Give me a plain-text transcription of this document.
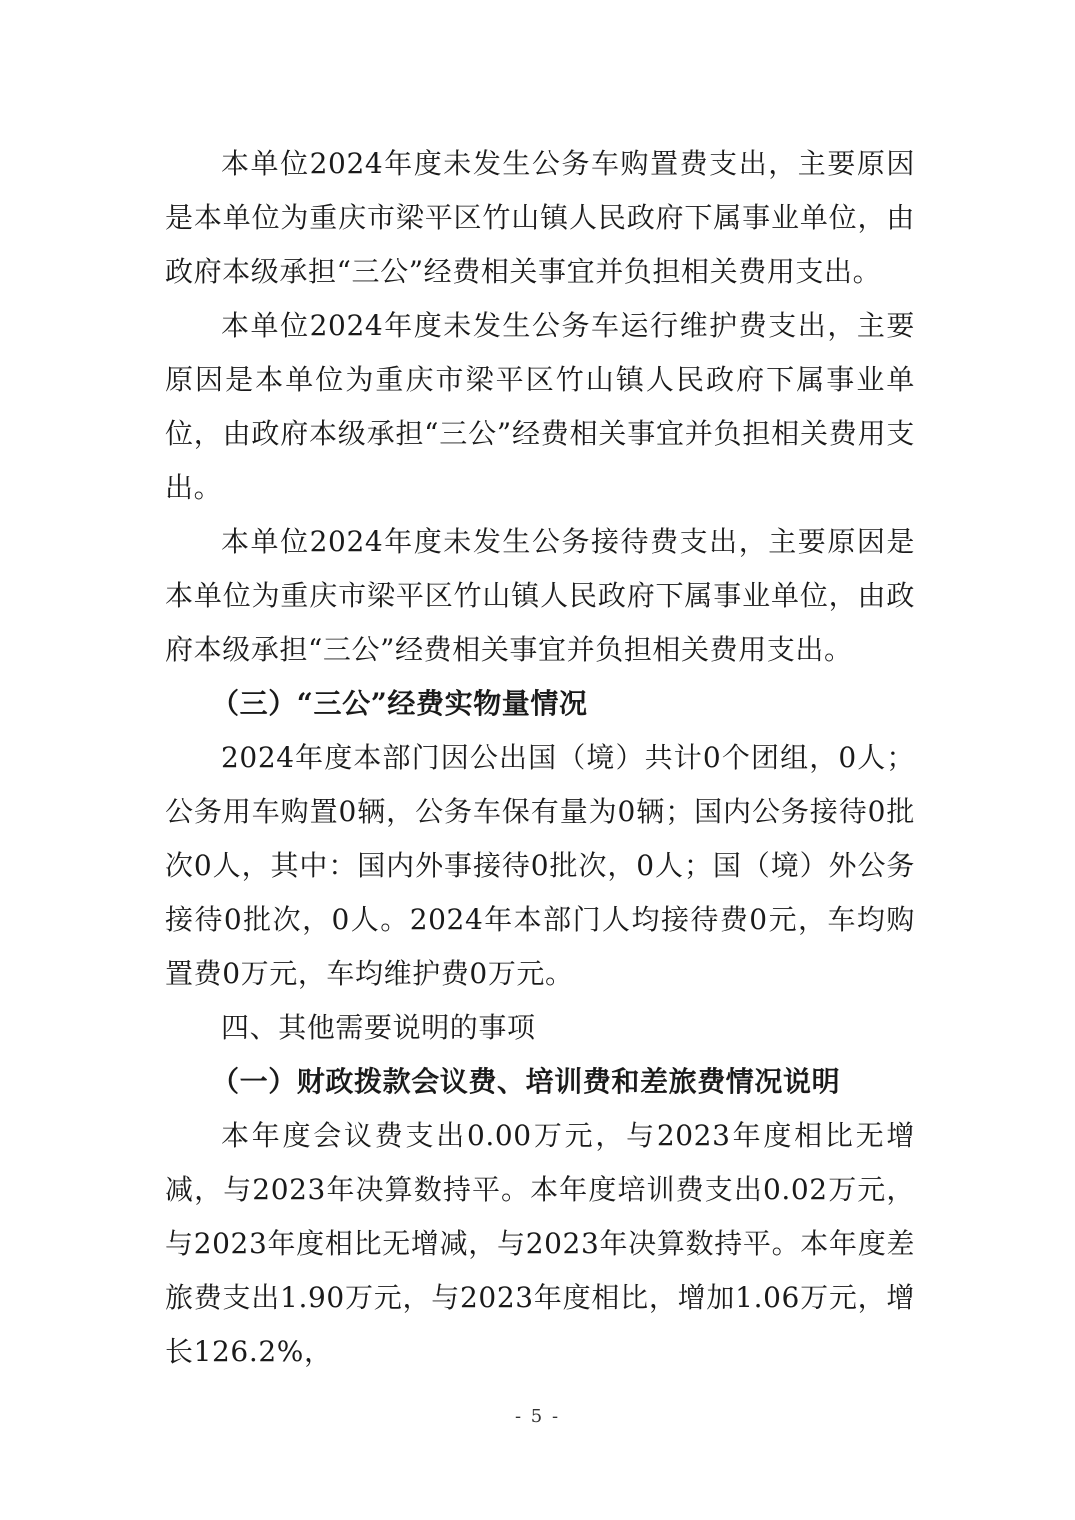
本单位2024年度未发生公务车购置费支出，主要原因是本单位为重庆市梁平区竹山镇人民政府下属事业单位，由政府本级承担“三公”经费相关事宜并负担相关费用支出。

本单位2024年度未发生公务车运行维护费支出，主要原因是本单位为重庆市梁平区竹山镇人民政府下属事业单位，由政府本级承担“三公”经费相关事宜并负担相关费用支出。

本单位2024年度未发生公务接待费支出，主要原因是本单位为重庆市梁平区竹山镇人民政府下属事业单位，由政府本级承担“三公”经费相关事宜并负担相关费用支出。

（三）“三公”经费实物量情况

2024年度本部门因公出国（境）共计0个团组，0人；公务用车购置0辆，公务车保有量为0辆；国内公务接待0批次0人，其中：国内外事接待0批次，0人；国（境）外公务接待0批次，0人。2024年本部门人均接待费0元，车均购置费0万元，车均维护费0万元。

四、其他需要说明的事项

（一）财政拨款会议费、培训费和差旅费情况说明

本年度会议费支出0.00万元，与2023年度相比无增减，与2023年决算数持平。本年度培训费支出0.02万元，与2023年度相比无增减，与2023年决算数持平。本年度差旅费支出1.90万元，与2023年度相比，增加1.06万元，增长126.2%，

- 5 -
